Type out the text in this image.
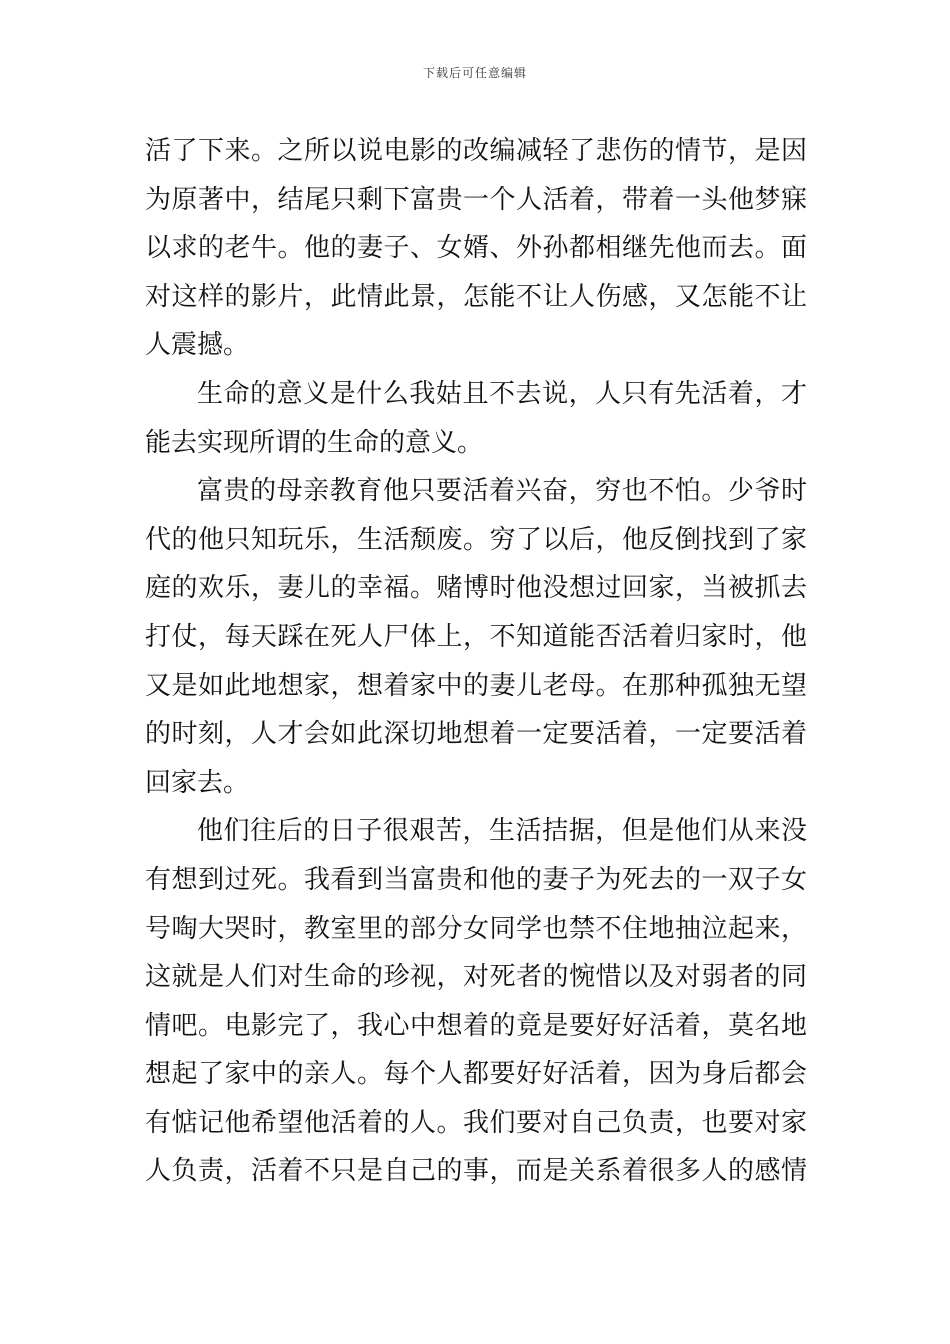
下载后可任意编辑
活了下来。之所以说电影的改编减轻了悲伤的情节，是因
为原著中，结尾只剩下富贵一个人活着，带着一头他梦寐
以求的老牛。他的妻子、女婿、外孙都相继先他而去。面
对这样的影片，此情此景，怎能不让人伤感，又怎能不让
人震撼。
生命的意义是什么我姑且不去说，人只有先活着，才
能去实现所谓的生命的意义。
富贵的母亲教育他只要活着兴奋，穷也不怕。少爷时
代的他只知玩乐，生活颓废。穷了以后，他反倒找到了家
庭的欢乐，妻儿的幸福。赌博时他没想过回家，当被抓去
打仗，每天踩在死人尸体上，不知道能否活着归家时，他
又是如此地想家，想着家中的妻儿老母。在那种孤独无望
的时刻，人才会如此深切地想着一定要活着，一定要活着
回家去。
他们往后的日子很艰苦，生活拮据，但是他们从来没
有想到过死。我看到当富贵和他的妻子为死去的一双子女
号啕大哭时，教室里的部分女同学也禁不住地抽泣起来，
这就是人们对生命的珍视，对死者的惋惜以及对弱者的同
情吧。电影完了，我心中想着的竟是要好好活着，莫名地
想起了家中的亲人。每个人都要好好活着，因为身后都会
有惦记他希望他活着的人。我们要对自己负责，也要对家
人负责，活着不只是自己的事，而是关系着很多人的感情
